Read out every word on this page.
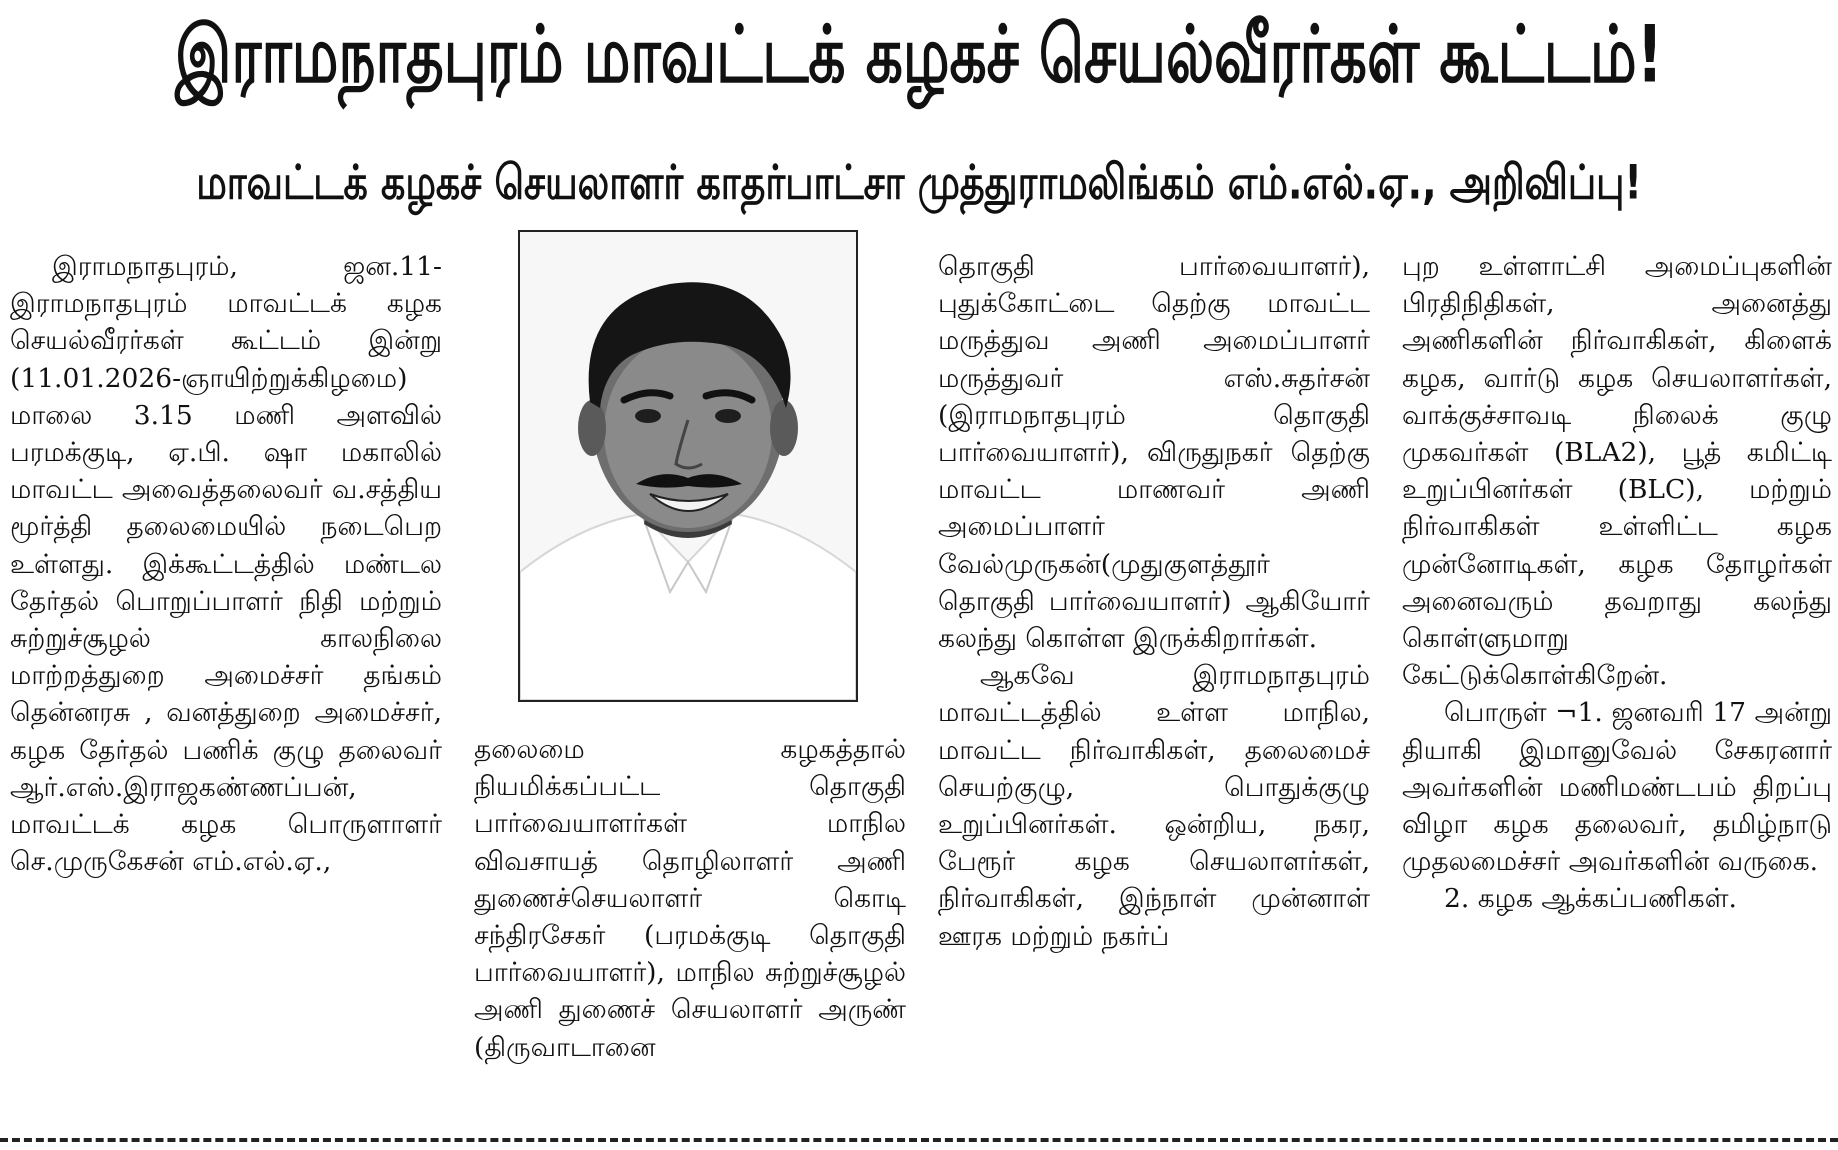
இராமநாதபுரம் மாவட்டக் கழகச் செயல்வீரர்கள் கூட்டம்!
மாவட்டக் கழகச் செயலாளர் காதர்பாட்சா முத்துராமலிங்கம் எம்.எல்.ஏ., அறிவிப்பு!

இராமநாதபுரம், ஜன.11- இராமநாதபுரம் மாவட்டக் கழக செயல்வீரர்கள் கூட்டம் இன்று (11.01.2026-ஞாயிற்றுக்கிழமை) மாலை 3.15 மணி அளவில் பரமக்குடி, ஏ.பி. ஷா மகாலில் மாவட்ட அவைத்தலைவர் வ.சத்திய மூர்த்தி தலைமையில் நடைபெற உள்ளது. இக்கூட்டத்தில் மண்டல தேர்தல் பொறுப்பாளர் நிதி மற்றும் சுற்றுச்சூழல் காலநிலை மாற்றத்துறை அமைச்சர் தங்கம் தென்னரசு , வனத்துறை அமைச்சர், கழக தேர்தல் பணிக் குழு தலைவர் ஆர்.எஸ்.இராஜகண்ணப்பன், மாவட்டக் கழக பொருளாளர் செ.முருகேசன் எம்.எல்.ஏ.,

தலைமை கழகத்தால் நியமிக்கப்பட்ட தொகுதி பார்வையாளர்கள் மாநில விவசாயத் தொழிலாளர் அணி துணைச்செயலாளர் கொடி சந்திரசேகர் (பரமக்குடி தொகுதி பார்வையாளர்), மாநில சுற்றுச்சூழல் அணி துணைச் செயலாளர் அருண் (திருவாடானை

தொகுதி பார்வையாளர்), புதுக்கோட்டை தெற்கு மாவட்ட மருத்துவ அணி அமைப்பாளர் மருத்துவர் எஸ்.சுதர்சன் (இராமநாதபுரம் தொகுதி பார்வையாளர்), விருதுநகர் தெற்கு மாவட்ட மாணவர் அணி அமைப்பாளர் வேல்முருகன்(முதுகுளத்தூர் தொகுதி பார்வையாளர்) ஆகியோர் கலந்து கொள்ள இருக்கிறார்கள்.

ஆகவே இராமநாதபுரம் மாவட்டத்தில் உள்ள மாநில, மாவட்ட நிர்வாகிகள், தலைமைச் செயற்குழு, பொதுக்குழு உறுப்பினர்கள். ஒன்றிய, நகர, பேரூர் கழக செயலாளர்கள், நிர்வாகிகள், இந்நாள் முன்னாள் ஊரக மற்றும் நகர்ப்

புற உள்ளாட்சி அமைப்புகளின் பிரதிநிதிகள், அனைத்து அணிகளின் நிர்வாகிகள், கிளைக் கழக, வார்டு கழக செயலாளர்கள், வாக்குச்சாவடி நிலைக் குழு முகவர்கள் (BLA2), பூத் கமிட்டி உறுப்பினர்கள் (BLC), மற்றும் நிர்வாகிகள் உள்ளிட்ட கழக முன்னோடிகள், கழக தோழர்கள் அனைவரும் தவறாது கலந்து கொள்ளுமாறு கேட்டுக்கொள்கிறேன்.

பொருள் ¬1. ஜனவரி 17 அன்று தியாகி இமானுவேல் சேகரனார் அவர்களின் மணிமண்டபம் திறப்பு விழா கழக தலைவர், தமிழ்நாடு முதலமைச்சர் அவர்களின் வருகை.

2. கழக ஆக்கப்பணிகள்.
